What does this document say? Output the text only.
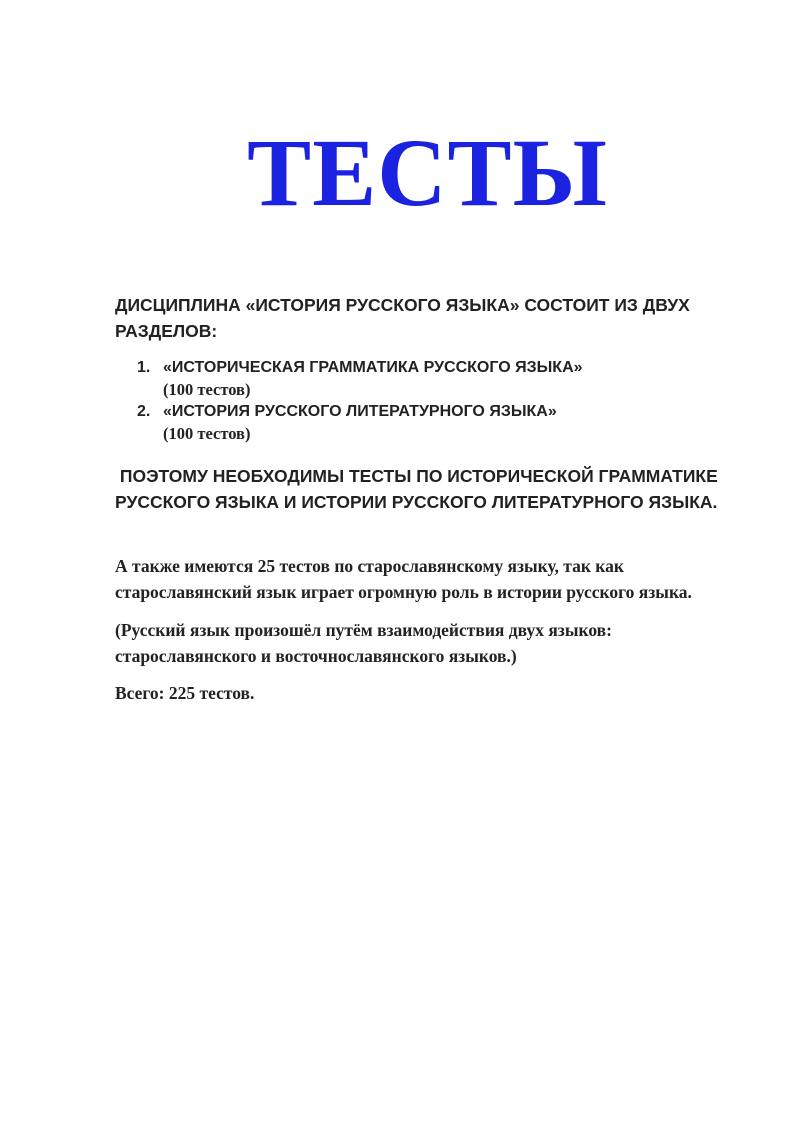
ТЕСТЫ
ДИСЦИПЛИНА «ИСТОРИЯ РУССКОГО ЯЗЫКА» СОСТОИТ ИЗ ДВУХ РАЗДЕЛОВ:
1. «ИСТОРИЧЕСКАЯ ГРАММАТИКА РУССКОГО ЯЗЫКА»
(100 тестов)
2. «ИСТОРИЯ РУССКОГО ЛИТЕРАТУРНОГО ЯЗЫКА»
(100 тестов)
ПОЭТОМУ НЕОБХОДИМЫ ТЕСТЫ ПО ИСТОРИЧЕСКОЙ ГРАММАТИКЕ РУССКОГО ЯЗЫКА И ИСТОРИИ РУССКОГО ЛИТЕРАТУРНОГО ЯЗЫКА.
А также имеются 25 тестов по старославянскому языку, так как старославянский язык играет огромную роль в истории русского языка.
(Русский язык произошёл путём взаимодействия двух языков: старославянского и восточнославянского языков.)
Всего: 225 тестов.
